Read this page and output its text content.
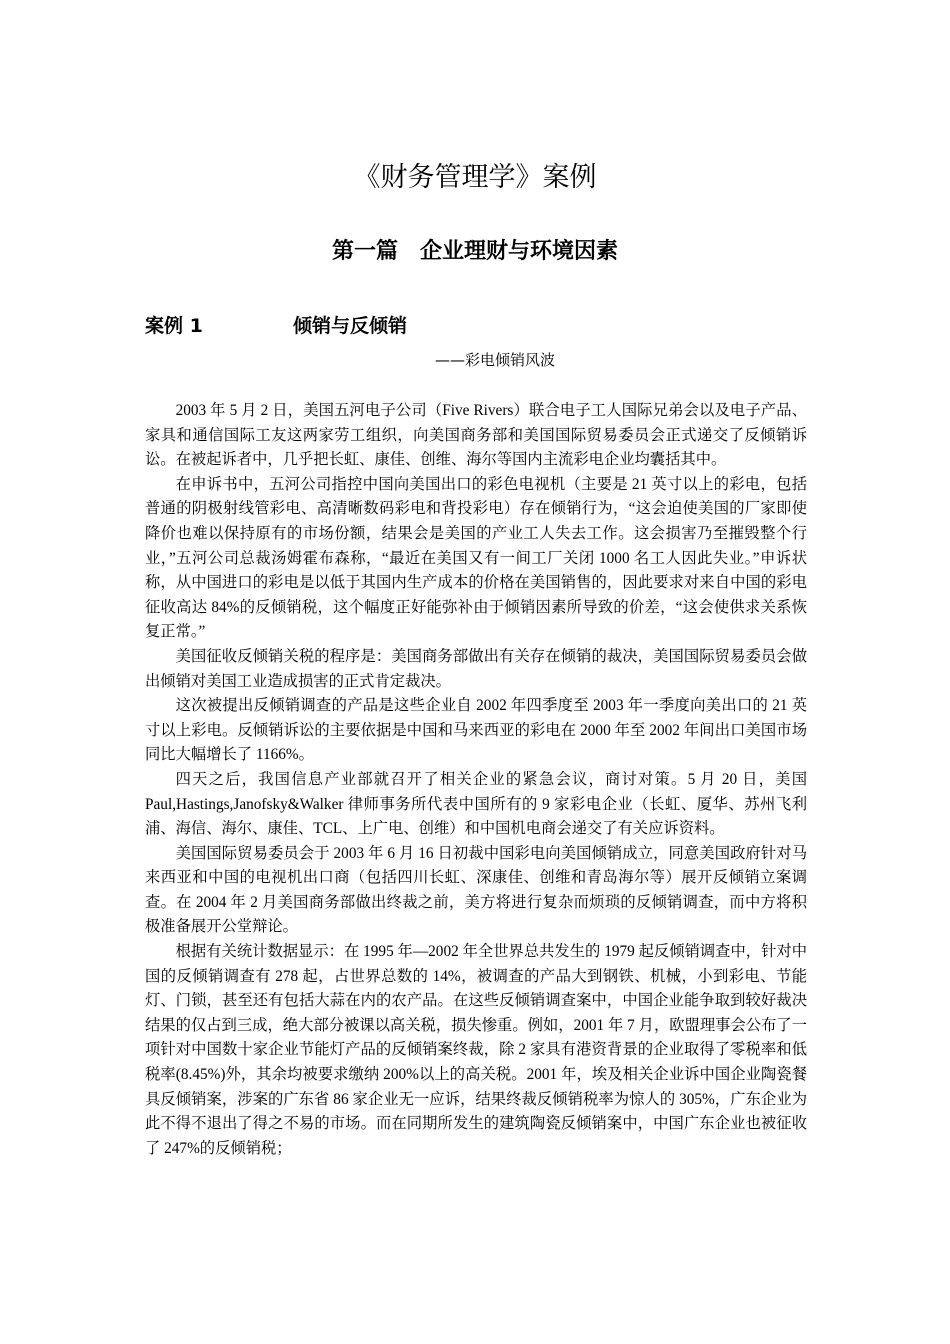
《财务管理学》案例
第一篇　企业理财与环境因素
案例 1	倾销与反倾销
——彩电倾销风波

2003 年 5 月 2 日，美国五河电子公司（Five Rivers）联合电子工人国际兄弟会以及电子产品、家具和通信国际工友这两家劳工组织，向美国商务部和美国国际贸易委员会正式递交了反倾销诉讼。在被起诉者中，几乎把长虹、康佳、创维、海尔等国内主流彩电企业均囊括其中。

在申诉书中，五河公司指控中国向美国出口的彩色电视机（主要是 21 英寸以上的彩电，包括普通的阴极射线管彩电、高清晰数码彩电和背投彩电）存在倾销行为，“这会迫使美国的厂家即使降价也难以保持原有的市场份额，结果会是美国的产业工人失去工作。这会损害乃至摧毁整个行业，”五河公司总裁汤姆霍布森称，“最近在美国又有一间工厂关闭 1000 名工人因此失业。”申诉状称，从中国进口的彩电是以低于其国内生产成本的价格在美国销售的，因此要求对来自中国的彩电征收高达 84%的反倾销税，这个幅度正好能弥补由于倾销因素所导致的价差，“这会使供求关系恢复正常。”

美国征收反倾销关税的程序是：美国商务部做出有关存在倾销的裁决，美国国际贸易委员会做出倾销对美国工业造成损害的正式肯定裁决。

这次被提出反倾销调查的产品是这些企业自 2002 年四季度至 2003 年一季度向美出口的 21 英寸以上彩电。反倾销诉讼的主要依据是中国和马来西亚的彩电在 2000 年至 2002 年间出口美国市场同比大幅增长了 1166%。

四天之后，我国信息产业部就召开了相关企业的紧急会议，商讨对策。5 月 20 日，美国 Paul,Hastings,Janofsky&Walker 律师事务所代表中国所有的 9 家彩电企业（长虹、厦华、苏州飞利浦、海信、海尔、康佳、TCL、上广电、创维）和中国机电商会递交了有关应诉资料。

美国国际贸易委员会于 2003 年 6 月 16 日初裁中国彩电向美国倾销成立，同意美国政府针对马来西亚和中国的电视机出口商（包括四川长虹、深康佳、创维和青岛海尔等）展开反倾销立案调查。在 2004 年 2 月美国商务部做出终裁之前，美方将进行复杂而烦琐的反倾销调查，而中方将积极准备展开公堂辩论。

根据有关统计数据显示：在 1995 年—2002 年全世界总共发生的 1979 起反倾销调查中，针对中国的反倾销调查有 278 起，占世界总数的 14%，被调查的产品大到钢铁、机械，小到彩电、节能灯、门锁，甚至还有包括大蒜在内的农产品。在这些反倾销调查案中，中国企业能争取到较好裁决结果的仅占到三成，绝大部分被课以高关税，损失惨重。例如，2001 年 7 月，欧盟理事会公布了一项针对中国数十家企业节能灯产品的反倾销案终裁，除 2 家具有港资背景的企业取得了零税率和低税率(8.45%)外，其余均被要求缴纳 200%以上的高关税。2001 年，埃及相关企业诉中国企业陶瓷餐具反倾销案，涉案的广东省 86 家企业无一应诉，结果终裁反倾销税率为惊人的 305%，广东企业为此不得不退出了得之不易的市场。而在同期所发生的建筑陶瓷反倾销案中，中国广东企业也被征收了 247%的反倾销税；
